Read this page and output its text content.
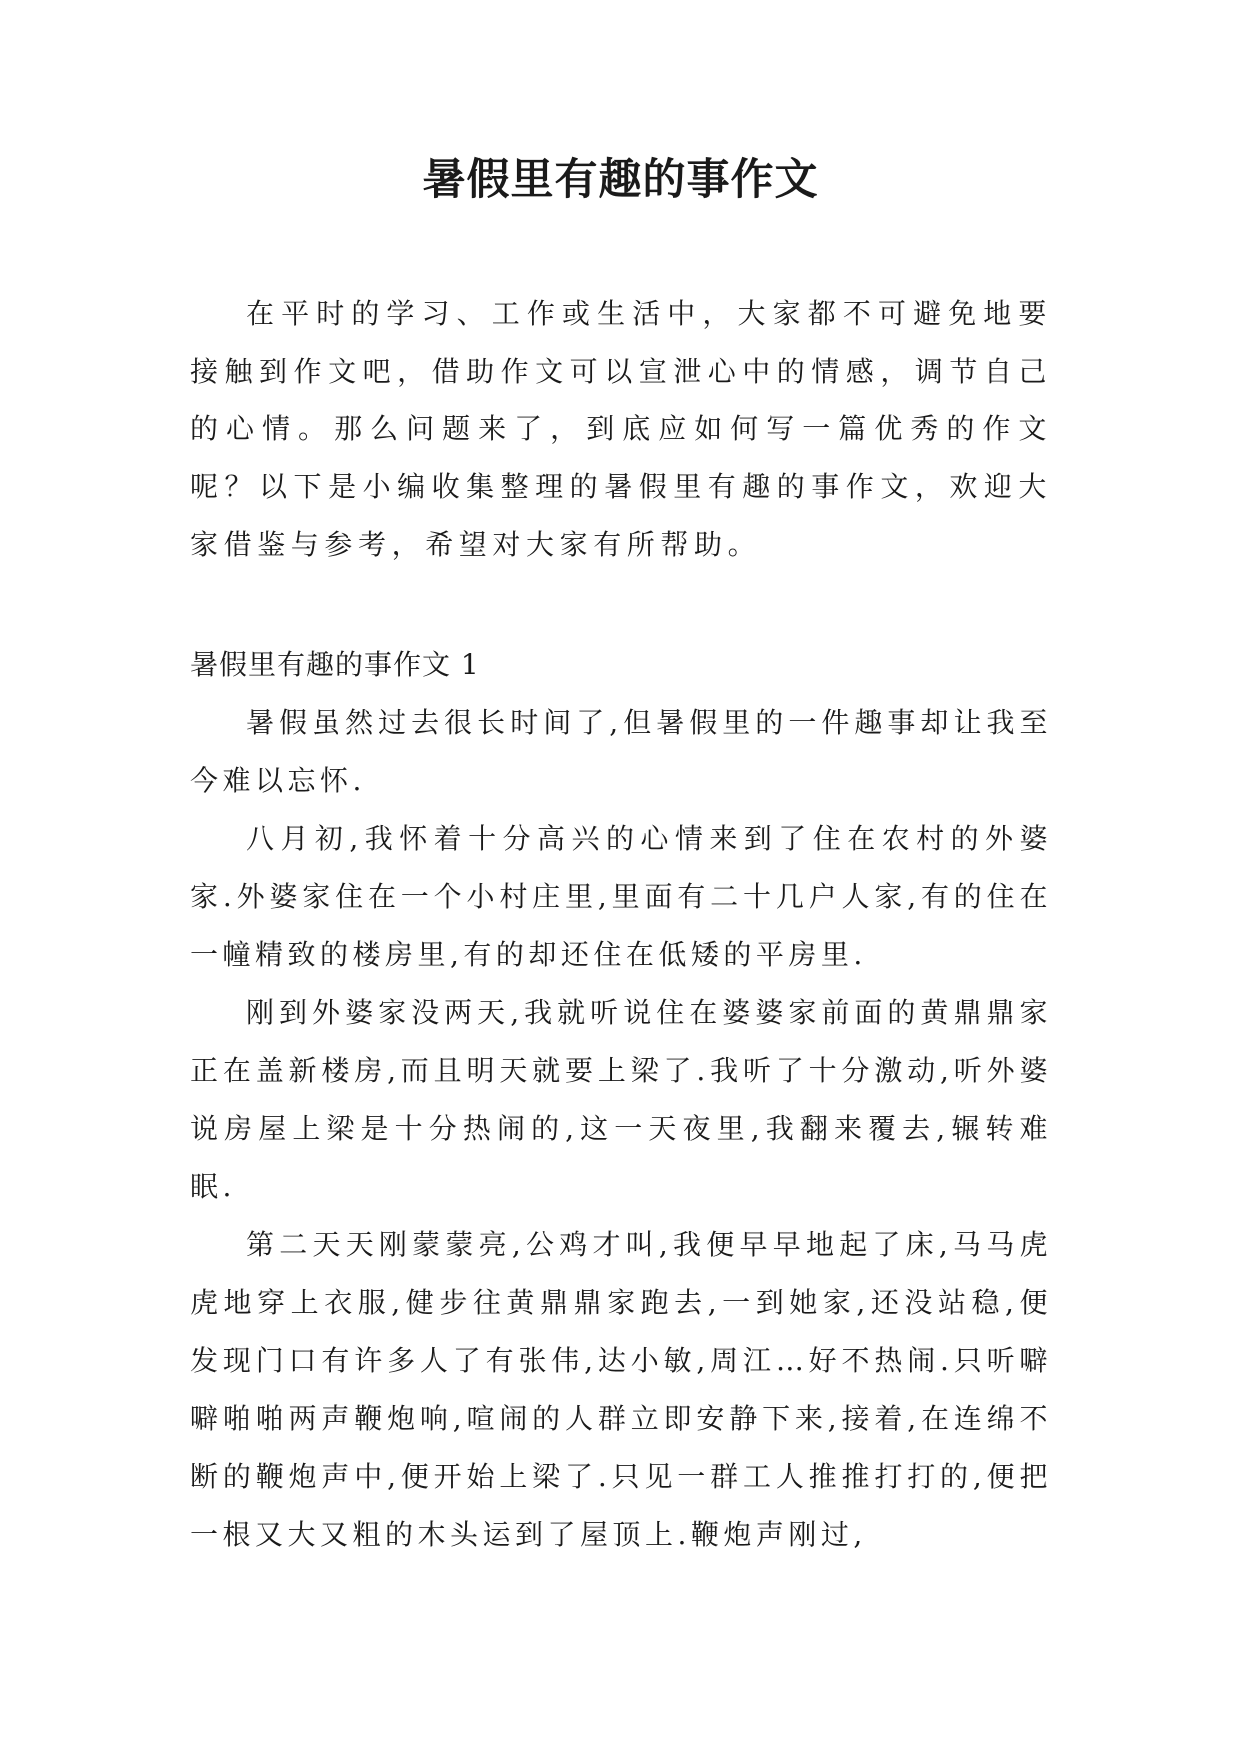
暑假里有趣的事作文

在平时的学习、工作或生活中，大家都不可避免地要接触到作文吧，借助作文可以宣泄心中的情感，调节自己的心情。那么问题来了，到底应如何写一篇优秀的作文呢？以下是小编收集整理的暑假里有趣的事作文，欢迎大家借鉴与参考，希望对大家有所帮助。

暑假里有趣的事作文 1

暑假虽然过去很长时间了,但暑假里的一件趣事却让我至今难以忘怀.

八月初,我怀着十分高兴的心情来到了住在农村的外婆家.外婆家住在一个小村庄里,里面有二十几户人家,有的住在一幢精致的楼房里,有的却还住在低矮的平房里.

刚到外婆家没两天,我就听说住在婆婆家前面的黄鼎鼎家正在盖新楼房,而且明天就要上梁了.我听了十分激动,听外婆说房屋上梁是十分热闹的,这一天夜里,我翻来覆去,辗转难眠.

第二天天刚蒙蒙亮,公鸡才叫,我便早早地起了床,马马虎虎地穿上衣服,健步往黄鼎鼎家跑去,一到她家,还没站稳,便发现门口有许多人了有张伟,达小敏,周江…好不热闹.只听噼噼啪啪两声鞭炮响,喧闹的人群立即安静下来,接着,在连绵不断的鞭炮声中,便开始上梁了.只见一群工人推推打打的,便把一根又大又粗的木头运到了屋顶上.鞭炮声刚过,
